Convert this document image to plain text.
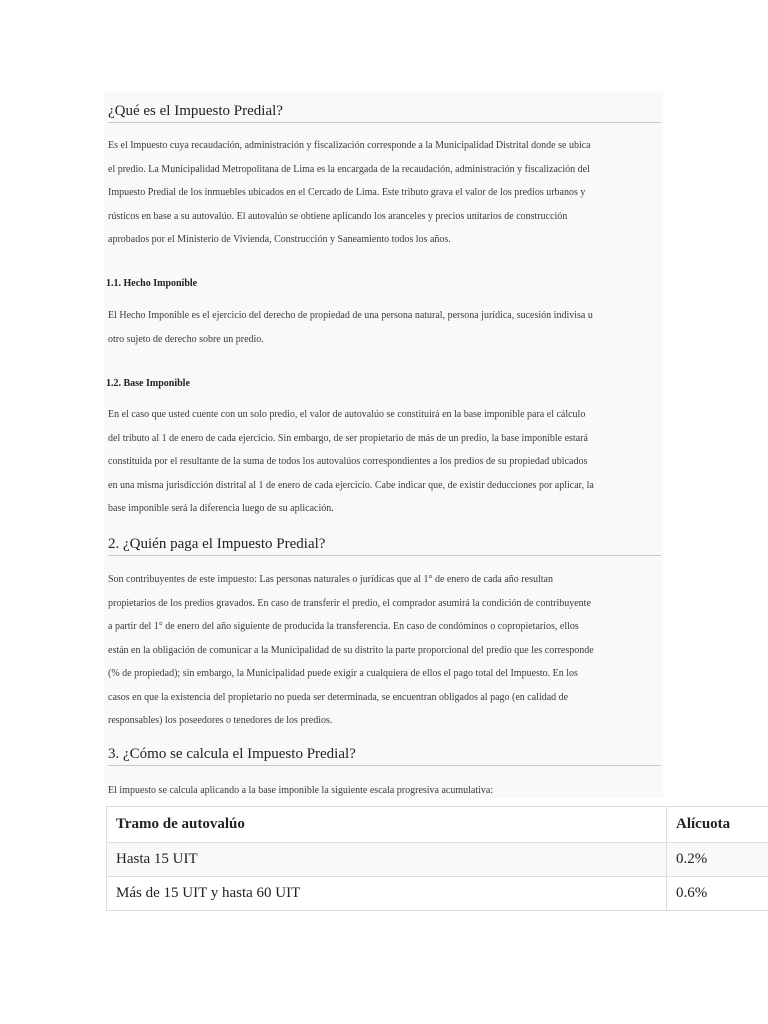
¿Qué es el Impuesto Predial?
Es el Impuesto cuya recaudación, administración y fiscalización corresponde a la Municipalidad Distrital donde se ubica
el predio. La Municipalidad Metropolitana de Lima es la encargada de la recaudación, administración y fiscalización del
Impuesto Predial de los inmuebles ubicados en el Cercado de Lima. Este tributo grava el valor de los predios urbanos y
rústicos en base a su autovalúo. El autovalúo se obtiene aplicando los aranceles y precios unitarios de construcción
aprobados por el Ministerio de Vivienda, Construcción y Saneamiento todos los años.
1.1. Hecho Imponible
El Hecho Imponible es el ejercicio del derecho de propiedad de una persona natural, persona jurídica, sucesión indivisa u
otro sujeto de derecho sobre un predio.
1.2. Base Imponible
En el caso que usted cuente con un solo predio, el valor de autovalúo se constituirá en la base imponible para el cálculo
del tributo al 1 de enero de cada ejercicio. Sin embargo, de ser propietario de más de un predio, la base imponible estará
constituida por el resultante de la suma de todos los autovalúos correspondientes a los predios de su propiedad ubicados
en una misma jurisdicción distrital al 1 de enero de cada ejercicio. Cabe indicar que, de existir deducciones por aplicar, la
base imponible será la diferencia luego de su aplicación.
2. ¿Quién paga el Impuesto Predial?
Son contribuyentes de este impuesto: Las personas naturales o jurídicas que al 1° de enero de cada año resultan
propietarios de los predios gravados. En caso de transferir el predio, el comprador asumirá la condición de contribuyente
a partir del 1° de enero del año siguiente de producida la transferencia. En caso de condóminos o copropietarios, ellos
están en la obligación de comunicar a la Municipalidad de su distrito la parte proporcional del predio que les corresponde
(% de propiedad); sin embargo, la Municipalidad puede exigir a cualquiera de ellos el pago total del Impuesto. En los
casos en que la existencia del propietario no pueda ser determinada, se encuentran obligados al pago (en calidad de
responsables) los poseedores o tenedores de los predios.
3. ¿Cómo se calcula el Impuesto Predial?
El impuesto se calcula aplicando a la base imponible la siguiente escala progresiva acumulativa:
Tramo de autovalúo	Alícuota
Hasta 15 UIT	0.2%
Más de 15 UIT y hasta 60 UIT	0.6%
